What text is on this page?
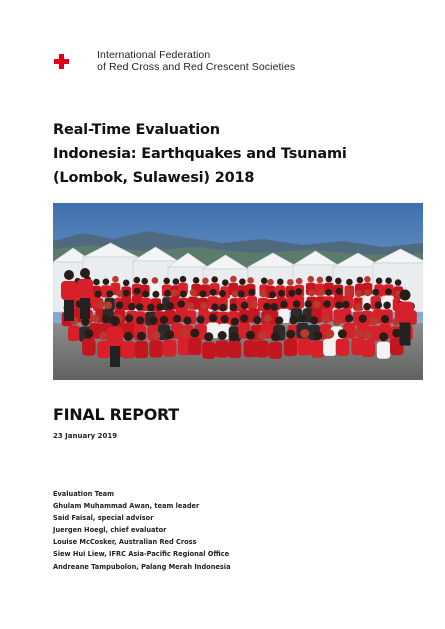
International Federation
of Red Cross and Red Crescent Societies
Real-Time Evaluation
Indonesia: Earthquakes and Tsunami
(Lombok, Sulawesi) 2018
FINAL REPORT
23 January 2019
Evaluation Team
Ghulam Muhammad Awan, team leader
Said Faisal, special advisor
Juergen Hoegl, chief evaluator
Louise McCosker, Australian Red Cross
Siew Hui Liew, IFRC Asia-Pacific Regional Office
Andreane Tampubolon, Palang Merah Indonesia
